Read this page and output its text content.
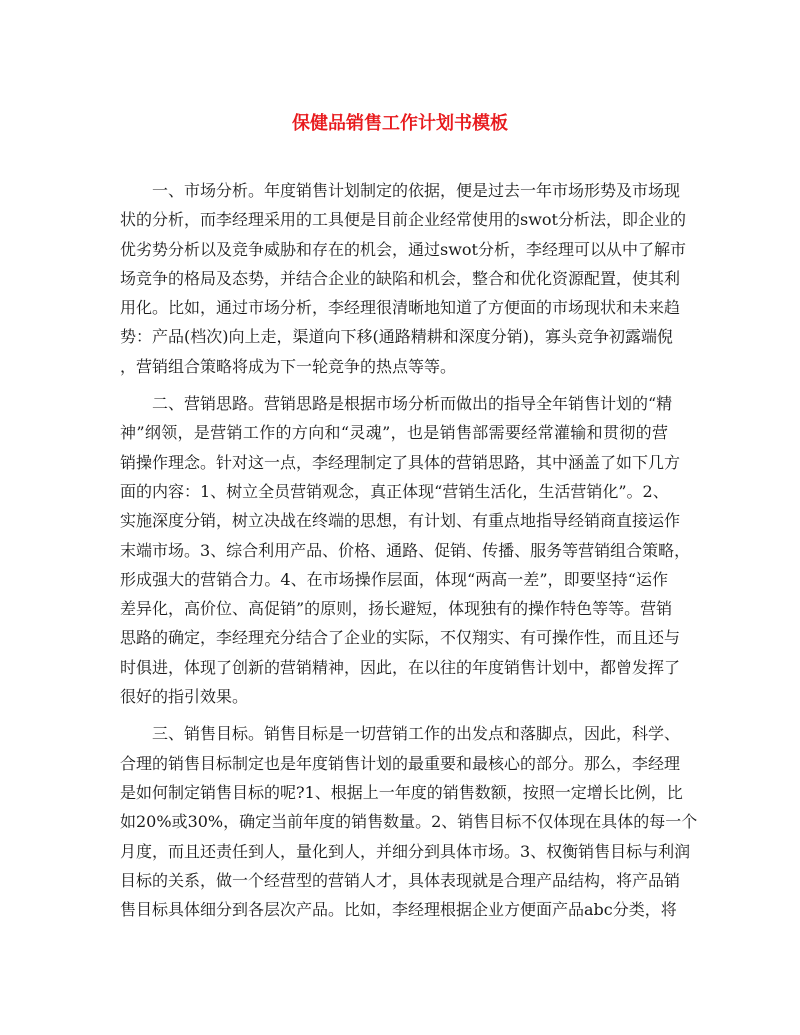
保健品销售工作计划书模板
　　一、市场分析。年度销售计划制定的依据，便是过去一年市场形势及市场现
状的分析，而李经理采用的工具便是目前企业经常使用的swot分析法，即企业的
优劣势分析以及竞争威胁和存在的机会，通过swot分析，李经理可以从中了解市
场竞争的格局及态势，并结合企业的缺陷和机会，整合和优化资源配置，使其利
用化。比如，通过市场分析，李经理很清晰地知道了方便面的市场现状和未来趋
势：产品(档次)向上走，渠道向下移(通路精耕和深度分销)，寡头竞争初露端倪
，营销组合策略将成为下一轮竞争的热点等等。
　　二、营销思路。营销思路是根据市场分析而做出的指导全年销售计划的“精
神”纲领，是营销工作的方向和“灵魂”，也是销售部需要经常灌输和贯彻的营
销操作理念。针对这一点，李经理制定了具体的营销思路，其中涵盖了如下几方
面的内容：1、树立全员营销观念，真正体现“营销生活化，生活营销化”。2、
实施深度分销，树立决战在终端的思想，有计划、有重点地指导经销商直接运作
末端市场。3、综合利用产品、价格、通路、促销、传播、服务等营销组合策略，
形成强大的营销合力。4、在市场操作层面，体现“两高一差”，即要坚持“运作
差异化，高价位、高促销”的原则，扬长避短，体现独有的操作特色等等。营销
思路的确定，李经理充分结合了企业的实际，不仅翔实、有可操作性，而且还与
时俱进，体现了创新的营销精神，因此，在以往的年度销售计划中，都曾发挥了
很好的指引效果。
　　三、销售目标。销售目标是一切营销工作的出发点和落脚点，因此，科学、
合理的销售目标制定也是年度销售计划的最重要和最核心的部分。那么，李经理
是如何制定销售目标的呢?1、根据上一年度的销售数额，按照一定增长比例，比
如20%或30%，确定当前年度的销售数量。2、销售目标不仅体现在具体的每一个
月度，而且还责任到人，量化到人，并细分到具体市场。3、权衡销售目标与利润
目标的关系，做一个经营型的营销人才，具体表现就是合理产品结构，将产品销
售目标具体细分到各层次产品。比如，李经理根据企业方便面产品abc分类，将
